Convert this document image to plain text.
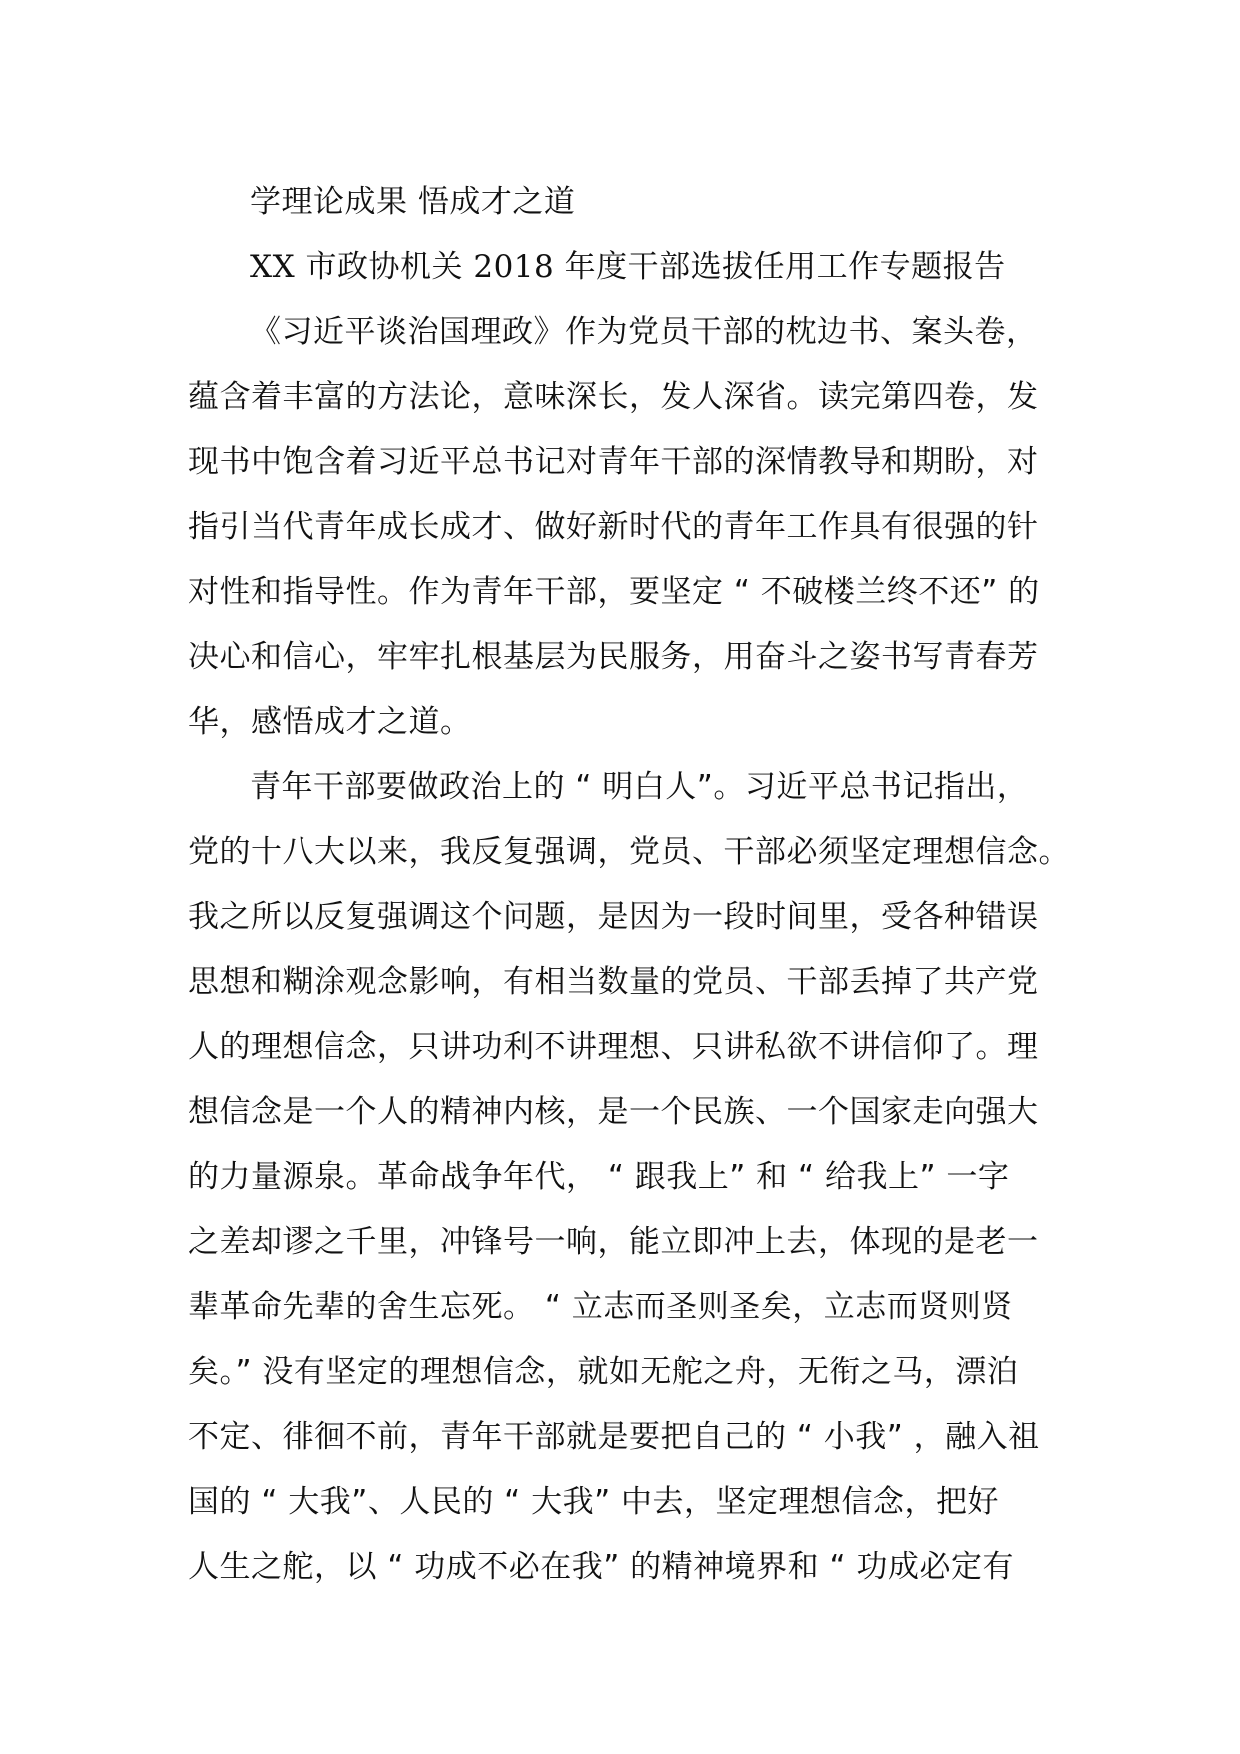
学理论成果 悟成才之道
XX 市政协机关 2018 年度干部选拔任用工作专题报告
《习近平谈治国理政》作为党员干部的枕边书、案头卷，
蕴含着丰富的方法论，意味深长，发人深省。读完第四卷，发
现书中饱含着习近平总书记对青年干部的深情教导和期盼，对
指引当代青年成长成才、做好新时代的青年工作具有很强的针
对性和指导性。作为青年干部，要坚定 “ 不破楼兰终不还” 的
决心和信心，牢牢扎根基层为民服务，用奋斗之姿书写青春芳
华，感悟成才之道。
青年干部要做政治上的 “ 明白人”。习近平总书记指出，
党的十八大以来，我反复强调，党员、干部必须坚定理想信念。
我之所以反复强调这个问题，是因为一段时间里，受各种错误
思想和糊涂观念影响，有相当数量的党员、干部丢掉了共产党
人的理想信念，只讲功利不讲理想、只讲私欲不讲信仰了。理
想信念是一个人的精神内核，是一个民族、一个国家走向强大
的力量源泉。革命战争年代， “ 跟我上” 和 “ 给我上” 一字
之差却谬之千里，冲锋号一响，能立即冲上去，体现的是老一
辈革命先辈的舍生忘死。 “ 立志而圣则圣矣，立志而贤则贤
矣。” 没有坚定的理想信念，就如无舵之舟，无衔之马，漂泊
不定、徘徊不前，青年干部就是要把自己的 “ 小我” ，融入祖
国的 “ 大我”、人民的 “ 大我” 中去，坚定理想信念，把好
人生之舵，以 “ 功成不必在我” 的精神境界和 “ 功成必定有
